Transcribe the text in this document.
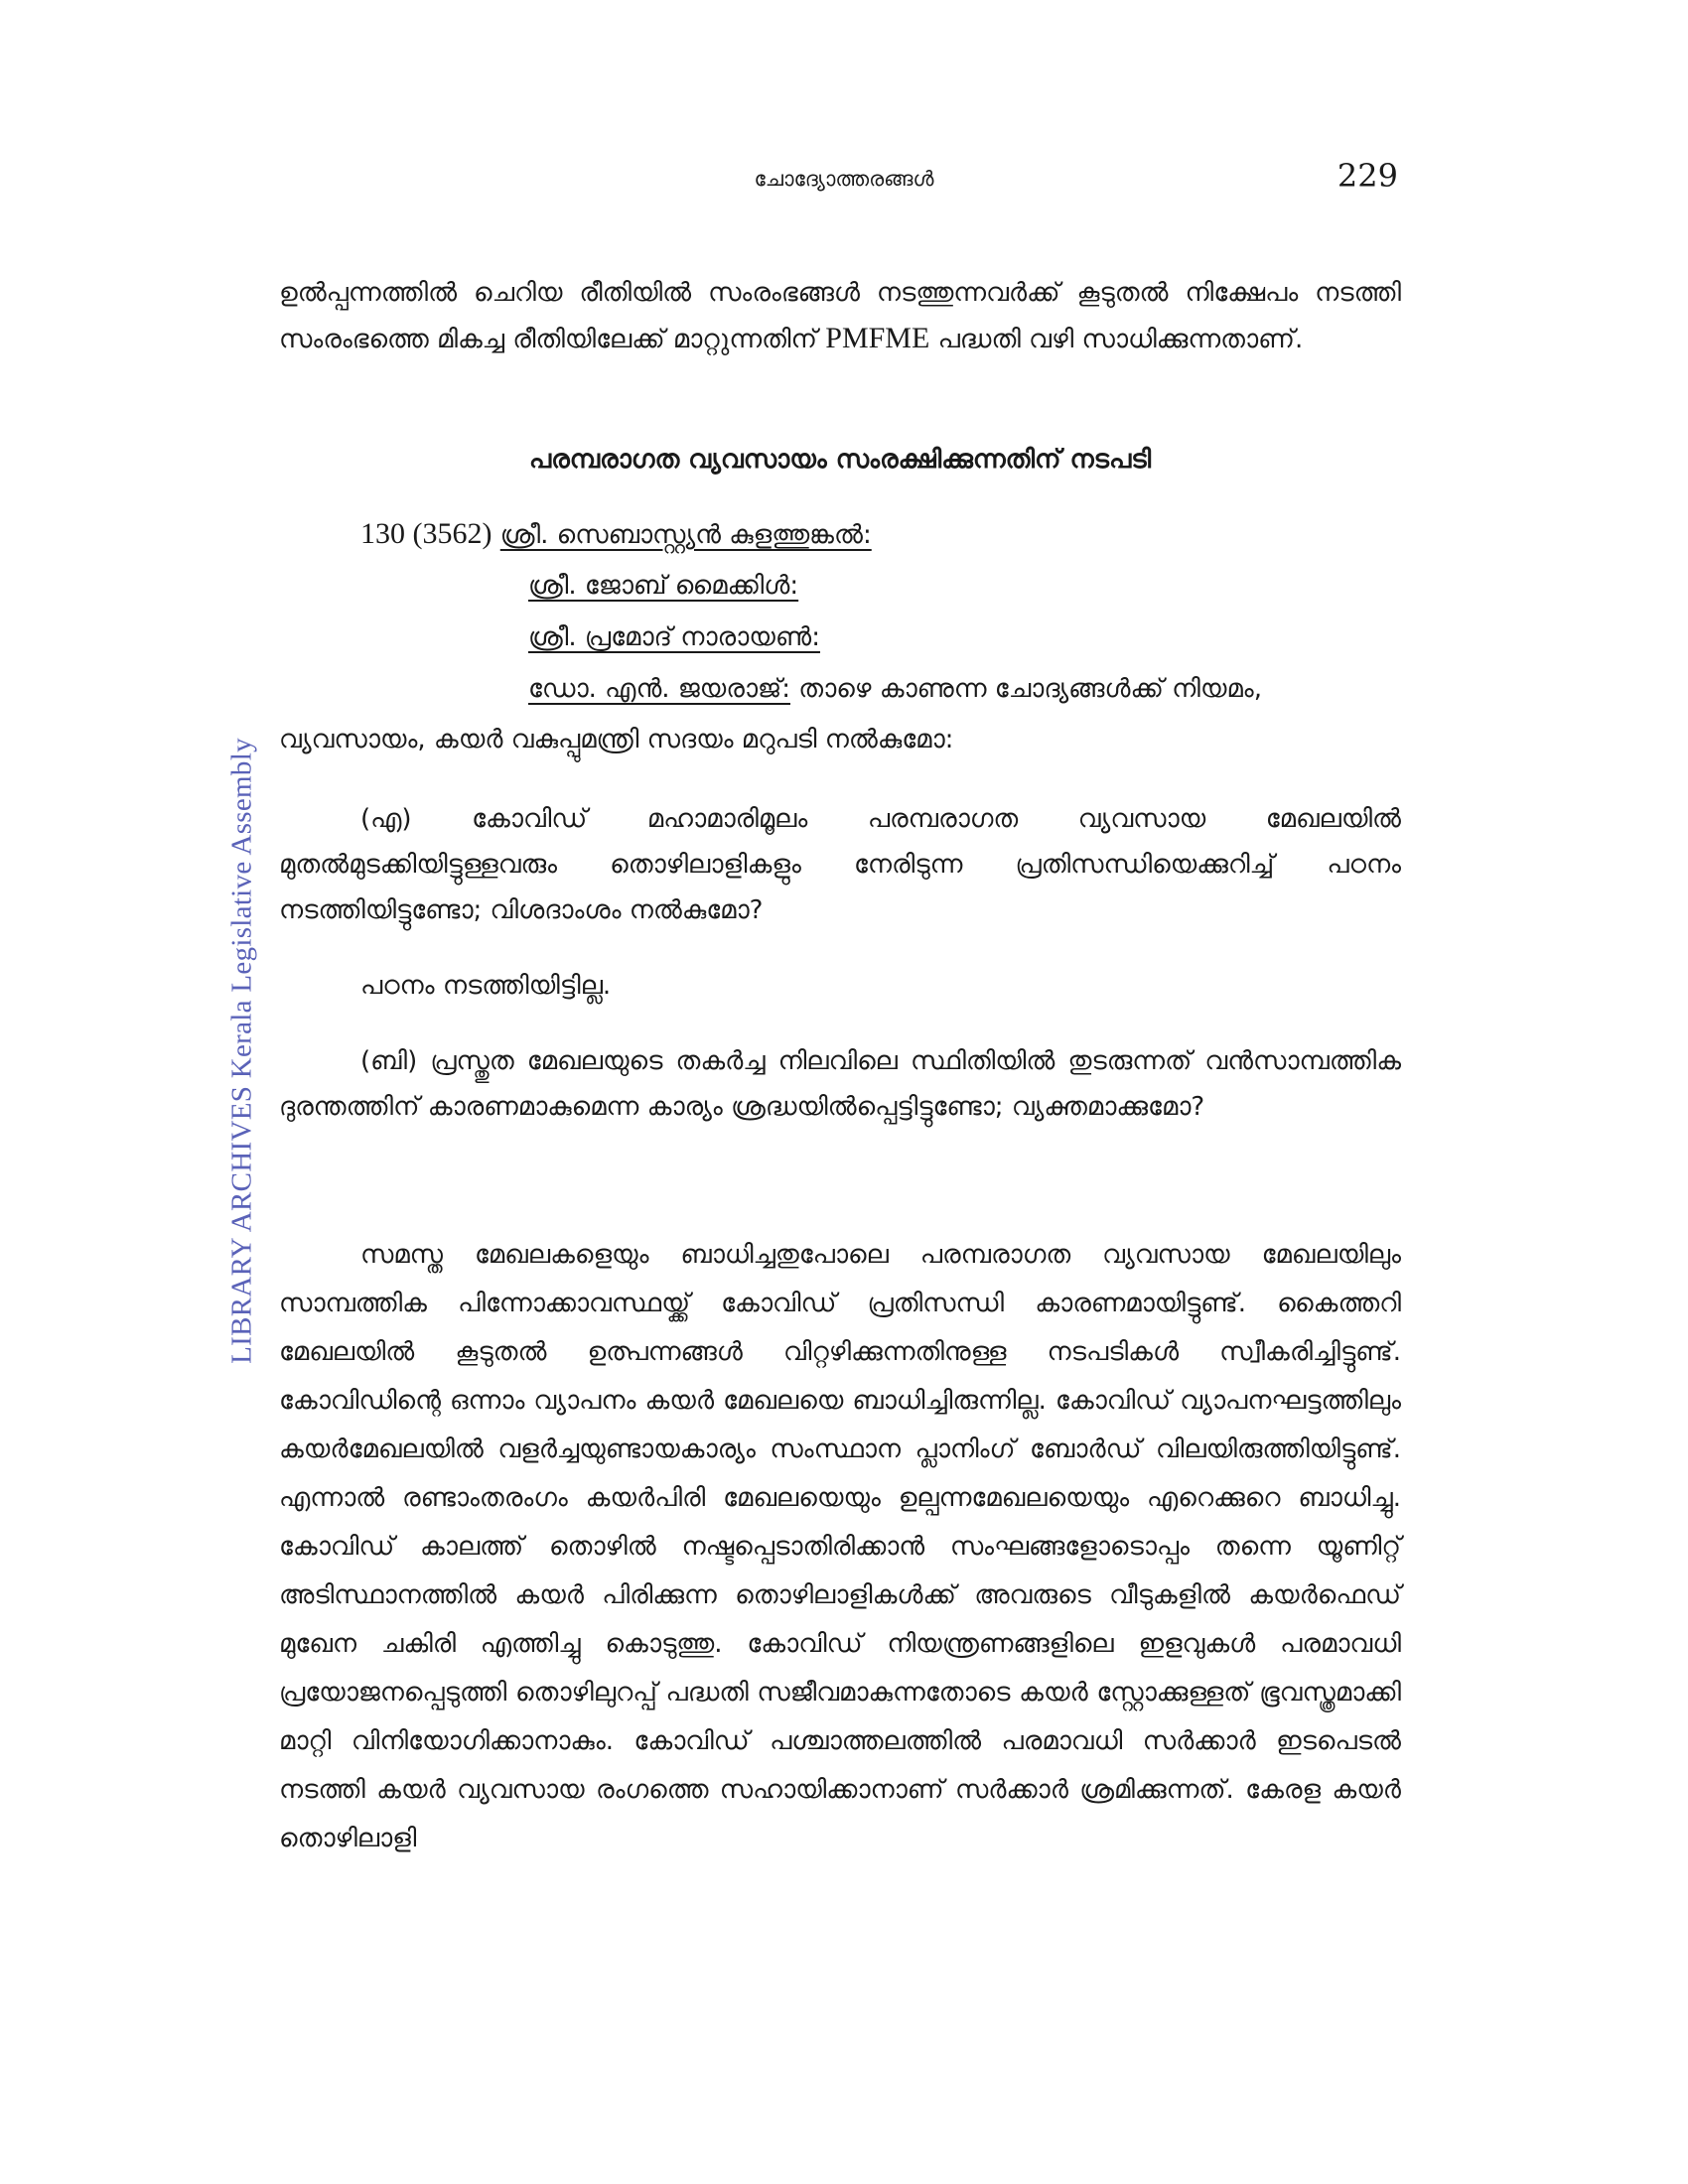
ചോദ്യോത്തരങ്ങൾ	229
LIBRARY ARCHIVES Kerala Legislative Assembly

ഉൽപ്പന്നത്തിൽ ചെറിയ രീതിയിൽ സംരംഭങ്ങൾ നടത്തുന്നവർക്ക് കൂടുതൽ നിക്ഷേപം നടത്തി സംരംഭത്തെ മികച്ച രീതിയിലേക്ക് മാറ്റുന്നതിന് PMFME പദ്ധതി വഴി സാധിക്കുന്നതാണ്.

പരമ്പരാഗത വ്യവസായം സംരക്ഷിക്കുന്നതിന് നടപടി
130 (3562) ശ്രീ. സെബാസ്റ്റ്യൻ കുളത്തുങ്കൽ:
ശ്രീ. ജോബ് മൈക്കിൾ:
ശ്രീ. പ്രമോദ് നാരായൺ:
ഡോ. എൻ. ജയരാജ്: താഴെ കാണുന്ന ചോദ്യങ്ങൾക്ക് നിയമം,

വ്യവസായം, കയർ വകുപ്പുമന്ത്രി സദയം മറുപടി നൽകുമോ:

(എ) കോവിഡ് മഹാമാരിമൂലം പരമ്പരാഗത വ്യവസായ മേഖലയിൽ മുതൽമുടക്കിയിട്ടുള്ളവരും തൊഴിലാളികളും നേരിടുന്ന പ്രതിസന്ധിയെക്കുറിച്ച് പഠനം നടത്തിയിട്ടുണ്ടോ; വിശദാംശം നൽകുമോ?

പഠനം നടത്തിയിട്ടില്ല.

(ബി) പ്രസ്തുത മേഖലയുടെ തകർച്ച നിലവിലെ സ്ഥിതിയിൽ തുടരുന്നത് വൻസാമ്പത്തിക ദുരന്തത്തിന് കാരണമാകുമെന്ന കാര്യം ശ്രദ്ധയിൽപ്പെട്ടിട്ടുണ്ടോ; വ്യക്തമാക്കുമോ?

സമസ്ത മേഖലകളെയും ബാധിച്ചതുപോലെ പരമ്പരാഗത വ്യവസായ മേഖലയിലും സാമ്പത്തിക പിന്നോക്കാവസ്ഥയ്ക്ക് കോവിഡ് പ്രതിസന്ധി കാരണമായിട്ടുണ്ട്. കൈത്തറി മേഖലയിൽ കൂടുതൽ ഉത്പന്നങ്ങൾ വിറ്റഴിക്കുന്നതിനുള്ള നടപടികൾ സ്വീകരിച്ചിട്ടുണ്ട്. കോവിഡിന്റെ ഒന്നാം വ്യാപനം കയർ മേഖലയെ ബാധിച്ചിരുന്നില്ല. കോവിഡ് വ്യാപനഘട്ടത്തിലും കയർമേഖലയിൽ വളർച്ചയുണ്ടായകാര്യം സംസ്ഥാന പ്ലാനിംഗ് ബോർഡ് വിലയിരുത്തിയിട്ടുണ്ട്. എന്നാൽ രണ്ടാംതരംഗം കയർപിരി മേഖലയെയും ഉല്പന്നമേഖലയെയും എറെക്കുറെ ബാധിച്ചു. കോവിഡ് കാലത്ത് തൊഴിൽ നഷ്ടപ്പെടാതിരിക്കാൻ സംഘങ്ങളോടൊപ്പം തന്നെ യൂണിറ്റ് അടിസ്ഥാനത്തിൽ കയർ പിരിക്കുന്ന തൊഴിലാളികൾക്ക് അവരുടെ വീടുകളിൽ കയർഫെഡ് മുഖേന ചകിരി എത്തിച്ചു കൊടുത്തു. കോവിഡ് നിയന്ത്രണങ്ങളിലെ ഇളവുകൾ പരമാവധി പ്രയോജനപ്പെടുത്തി തൊഴിലുറപ്പ് പദ്ധതി സജീവമാകുന്നതോടെ കയർ സ്റ്റോക്കുള്ളത് ഭൂവസ്ത്രമാക്കി മാറ്റി വിനിയോഗിക്കാനാകും. കോവിഡ് പശ്ചാത്തലത്തിൽ പരമാവധി സർക്കാർ ഇടപെടൽ നടത്തി കയർ വ്യവസായ രംഗത്തെ സഹായിക്കാനാണ് സർക്കാർ ശ്രമിക്കുന്നത്. കേരള കയർ തൊഴിലാളി
